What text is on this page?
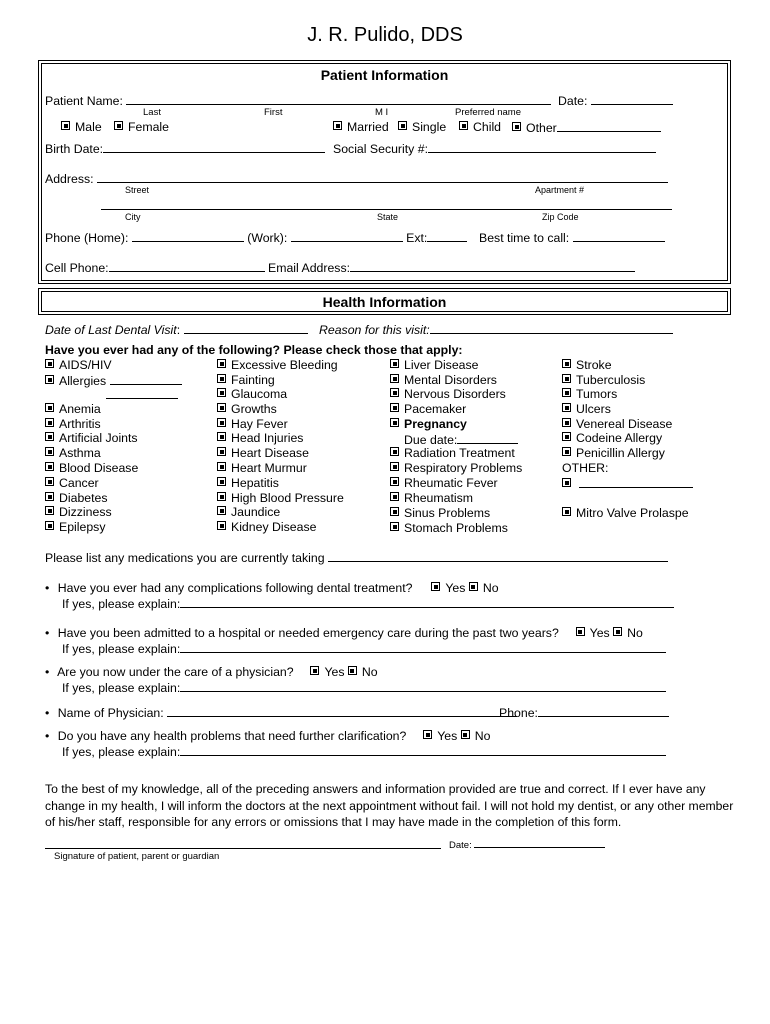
J. R. Pulido, DDS
Patient Information
Patient Name:	Date:
Last	First	M I	Preferred name
Male	Female	Married	Single	Child	Other
Birth Date:	Social Security #:
Address:
Street	Apartment #
City	State	Zip Code
Phone (Home):	(Work):	Ext:	Best time to call:
Cell Phone:	Email Address:
Health Information
Date of Last Dental Visit:	Reason for this visit:
Have you ever had any of the following? Please check those that apply:
AIDS/HIV
Allergies
Anemia
Arthritis
Artificial Joints
Asthma
Blood Disease
Cancer
Diabetes
Dizziness
Epilepsy
Excessive Bleeding
Fainting
Glaucoma
Growths
Hay Fever
Head Injuries
Heart Disease
Heart Murmur
Hepatitis
High Blood Pressure
Jaundice
Kidney Disease
Liver Disease
Mental Disorders
Nervous Disorders
Pacemaker
Pregnancy
Due date:
Radiation Treatment
Respiratory Problems
Rheumatic Fever
Rheumatism
Sinus Problems
Stomach Problems
Stroke
Tuberculosis
Tumors
Ulcers
Venereal Disease
Codeine Allergy
Penicillin Allergy
OTHER:

Mitro Valve Prolaspe
Please list any medications you are currently taking
• Have you ever had any complications following dental treatment?	Yes No
If yes, please explain:
• Have you been admitted to a hospital or needed emergency care during the past two years?	Yes No
If yes, please explain:
• Are you now under the care of a physician?	Yes No
If yes, please explain:
• Name of Physician:	Phone:
• Do you have any health problems that need further clarification?	Yes No
If yes, please explain:
To the best of my knowledge, all of the preceding answers and information provided are true and correct. If I ever have any change in my health, I will inform the doctors at the next appointment without fail. I will not hold my dentist, or any other member of his/her staff, responsible for any errors or omissions that I may have made in the completion of this form.
Date:
Signature of patient, parent or guardian
